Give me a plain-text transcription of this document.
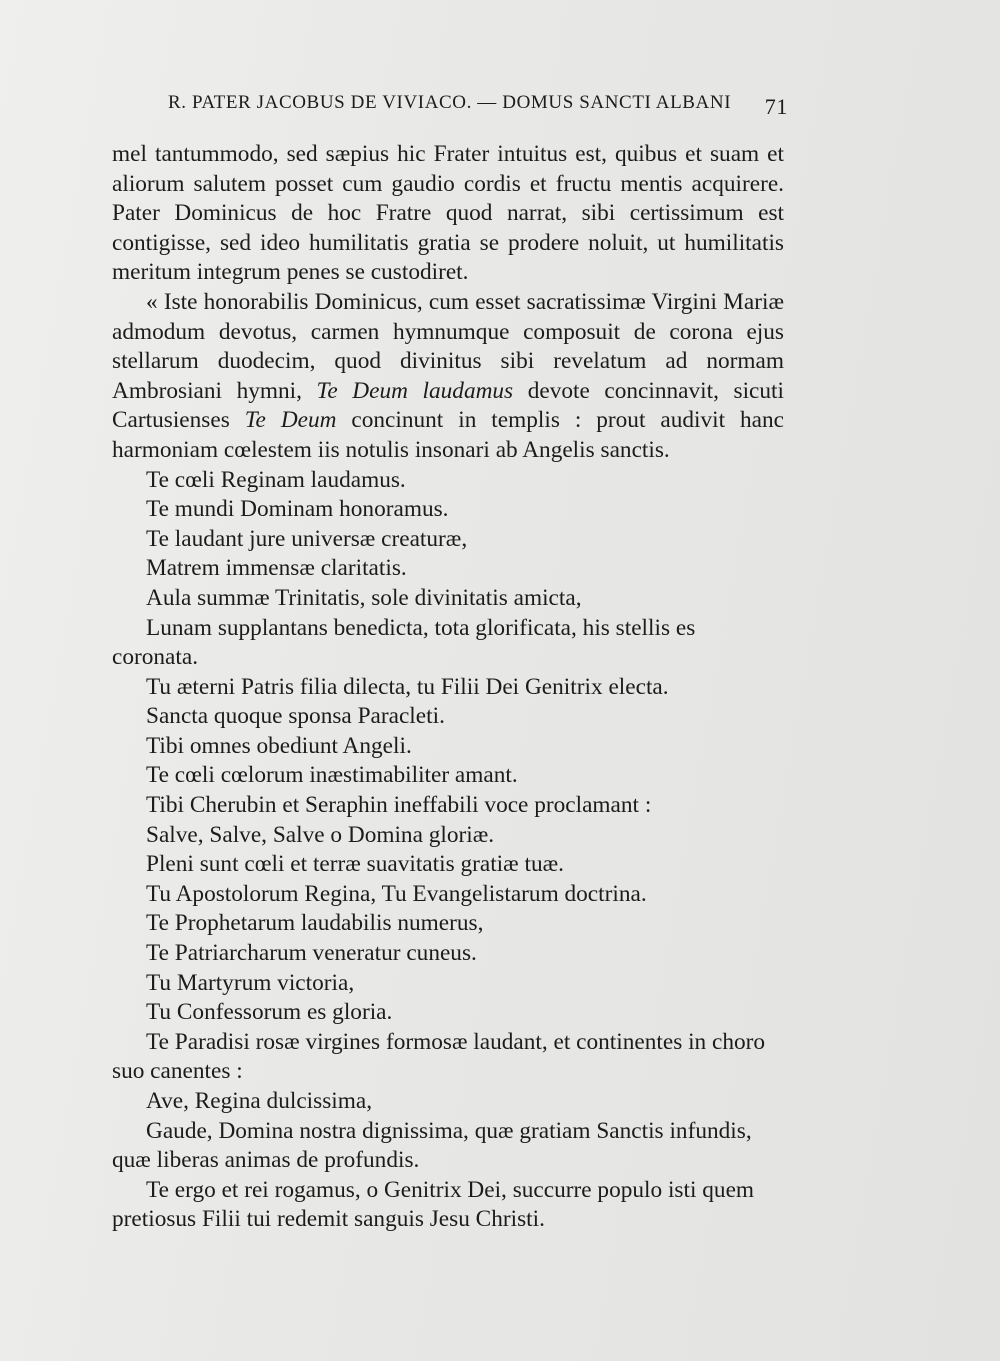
R. PATER JACOBUS DE VIVIACO. — DOMUS SANCTI ALBANI 71

mel tantummodo, sed sæpius hic Frater intuitus est, quibus et suam et aliorum salutem posset cum gaudio cordis et fructu mentis acquirere. Pater Dominicus de hoc Fratre quod narrat, sibi certissimum est contigisse, sed ideo humilitatis gratia se prodere noluit, ut humilitatis meritum integrum penes se custodiret.

« Iste honorabilis Dominicus, cum esset sacratissimæ Virgini Mariæ admodum devotus, carmen hymnumque composuit de corona ejus stellarum duodecim, quod divinitus sibi revelatum ad normam Ambrosiani hymni, Te Deum laudamus devote concinnavit, sicuti Cartusienses Te Deum concinunt in templis : prout audivit hanc harmoniam cœlestem iis notulis insonari ab Angelis sanctis.

Te cœli Reginam laudamus.

Te mundi Dominam honoramus.

Te laudant jure universæ creaturæ,

Matrem immensæ claritatis.

Aula summæ Trinitatis, sole divinitatis amicta,

Lunam supplantans benedicta, tota glorificata, his stellis es coronata.

Tu æterni Patris filia dilecta, tu Filii Dei Genitrix electa.

Sancta quoque sponsa Paracleti.

Tibi omnes obediunt Angeli.

Te cœli cœlorum inæstimabiliter amant.

Tibi Cherubin et Seraphin ineffabili voce proclamant :

Salve, Salve, Salve o Domina gloriæ.

Pleni sunt cœli et terræ suavitatis gratiæ tuæ.

Tu Apostolorum Regina, Tu Evangelistarum doctrina.

Te Prophetarum laudabilis numerus,

Te Patriarcharum veneratur cuneus.

Tu Martyrum victoria,

Tu Confessorum es gloria.

Te Paradisi rosæ virgines formosæ laudant, et continentes in choro suo canentes :

Ave, Regina dulcissima,

Gaude, Domina nostra dignissima, quæ gratiam Sanctis infundis, quæ liberas animas de profundis.

Te ergo et rei rogamus, o Genitrix Dei, succurre populo isti quem pretiosus Filii tui redemit sanguis Jesu Christi.
